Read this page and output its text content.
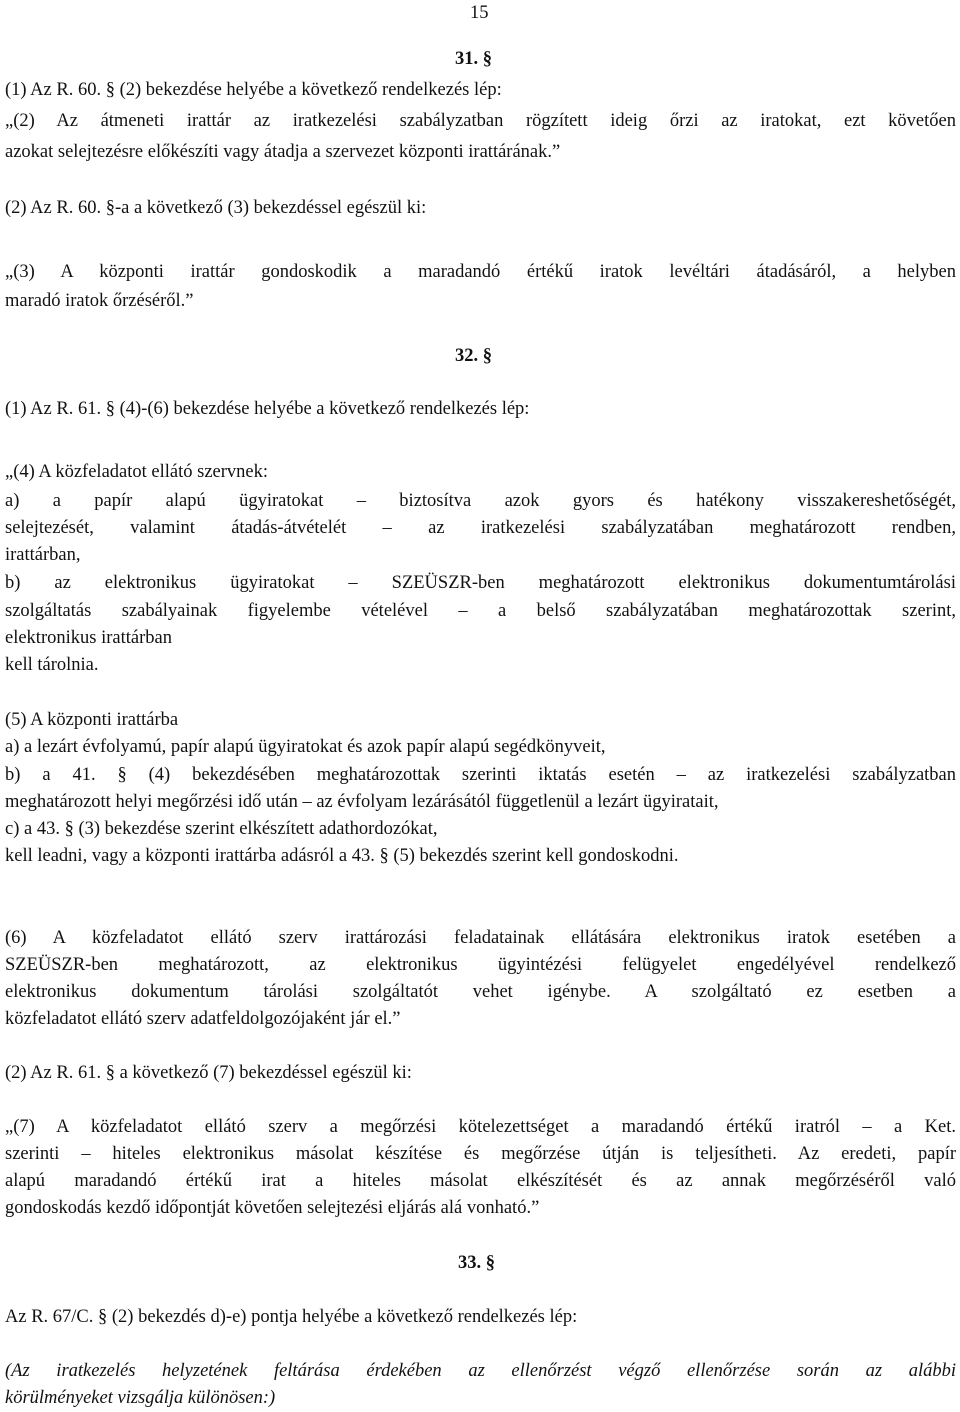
15
31. §
(1) Az R. 60. § (2) bekezdése helyébe a következő rendelkezés lép:
„(2) Az átmeneti irattár az iratkezelési szabályzatban rögzített ideig őrzi az iratokat, ezt követően
azokat selejtezésre előkészíti vagy átadja a szervezet központi irattárának.”
(2) Az R. 60. §-a a következő (3) bekezdéssel egészül ki:
„(3) A központi irattár gondoskodik a maradandó értékű iratok levéltári átadásáról, a helyben
maradó iratok őrzéséről.”
32. §
(1) Az R. 61. § (4)-(6) bekezdése helyébe a következő rendelkezés lép:
„(4) A közfeladatot ellátó szervnek:
a) a papír alapú ügyiratokat – biztosítva azok gyors és hatékony visszakereshetőségét,
selejtezését, valamint átadás-átvételét – az iratkezelési szabályzatában meghatározott rendben,
irattárban,
b) az elektronikus ügyiratokat – SZEÜSZR-ben meghatározott elektronikus dokumentumtárolási
szolgáltatás szabályainak figyelembe vételével – a belső szabályzatában meghatározottak szerint,
elektronikus irattárban
kell tárolnia.
(5) A központi irattárba
a) a lezárt évfolyamú, papír alapú ügyiratokat és azok papír alapú segédkönyveit,
b) a 41. § (4) bekezdésében meghatározottak szerinti iktatás esetén – az iratkezelési szabályzatban
meghatározott helyi megőrzési idő után – az évfolyam lezárásától függetlenül a lezárt ügyiratait,
c) a 43. § (3) bekezdése szerint elkészített adathordozókat,
kell leadni, vagy a központi irattárba adásról a 43. § (5) bekezdés szerint kell gondoskodni.
(6) A közfeladatot ellátó szerv irattározási feladatainak ellátására elektronikus iratok esetében a
SZEÜSZR-ben meghatározott, az elektronikus ügyintézési felügyelet engedélyével rendelkező
elektronikus dokumentum tárolási szolgáltatót vehet igénybe. A szolgáltató ez esetben a
közfeladatot ellátó szerv adatfeldolgozójaként jár el.”
(2) Az R. 61. § a következő (7) bekezdéssel egészül ki:
„(7) A közfeladatot ellátó szerv a megőrzési kötelezettséget a maradandó értékű iratról – a Ket.
szerinti – hiteles elektronikus másolat készítése és megőrzése útján is teljesítheti. Az eredeti, papír
alapú maradandó értékű irat a hiteles másolat elkészítését és az annak megőrzéséről való
gondoskodás kezdő időpontját követően selejtezési eljárás alá vonható.”
33. §
Az R. 67/C. § (2) bekezdés d)-e) pontja helyébe a következő rendelkezés lép:
(Az iratkezelés helyzetének feltárása érdekében az ellenőrzést végző ellenőrzése során az alábbi
körülményeket vizsgálja különösen:)
